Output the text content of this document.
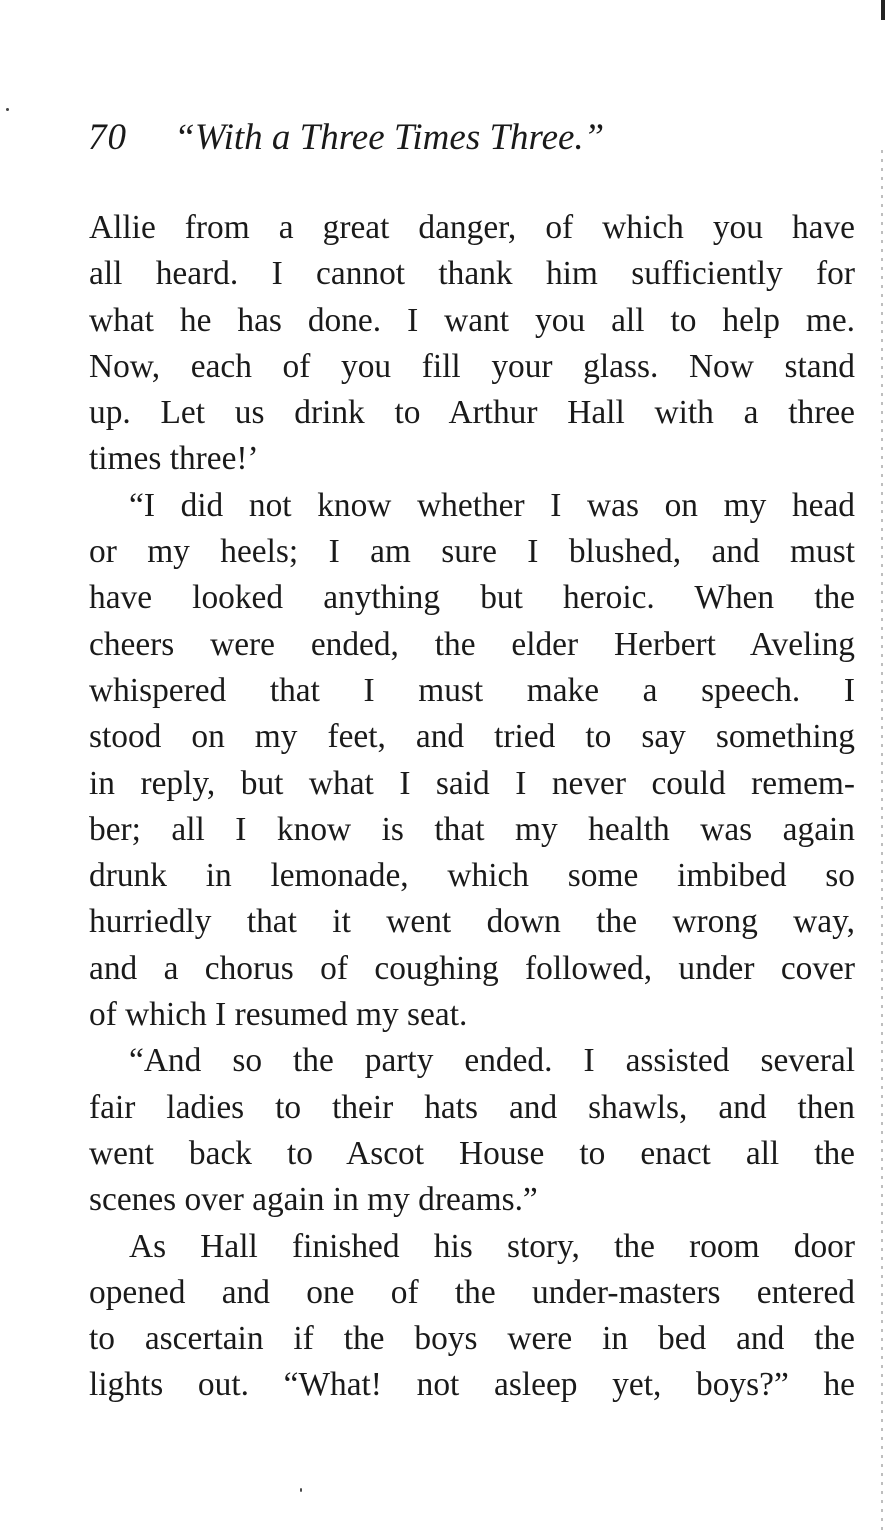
70 “With a Three Times Three.”

Allie from a great danger, of which you have
all heard. I cannot thank him sufficiently for
what he has done. I want you all to help me.
Now, each of you fill your glass. Now stand
up. Let us drink to Arthur Hall with a three
times three!’

“I did not know whether I was on my head
or my heels; I am sure I blushed, and must
have looked anything but heroic. When the
cheers were ended, the elder Herbert Aveling
whispered that I must make a speech. I
stood on my feet, and tried to say something
in reply, but what I said I never could remem-
ber; all I know is that my health was again
drunk in lemonade, which some imbibed so
hurriedly that it went down the wrong way,
and a chorus of coughing followed, under cover
of which I resumed my seat.

“And so the party ended. I assisted several
fair ladies to their hats and shawls, and then
went back to Ascot House to enact all the
scenes over again in my dreams.”

As Hall finished his story, the room door
opened and one of the under-masters entered
to ascertain if the boys were in bed and the
lights out. “What! not asleep yet, boys?” he
